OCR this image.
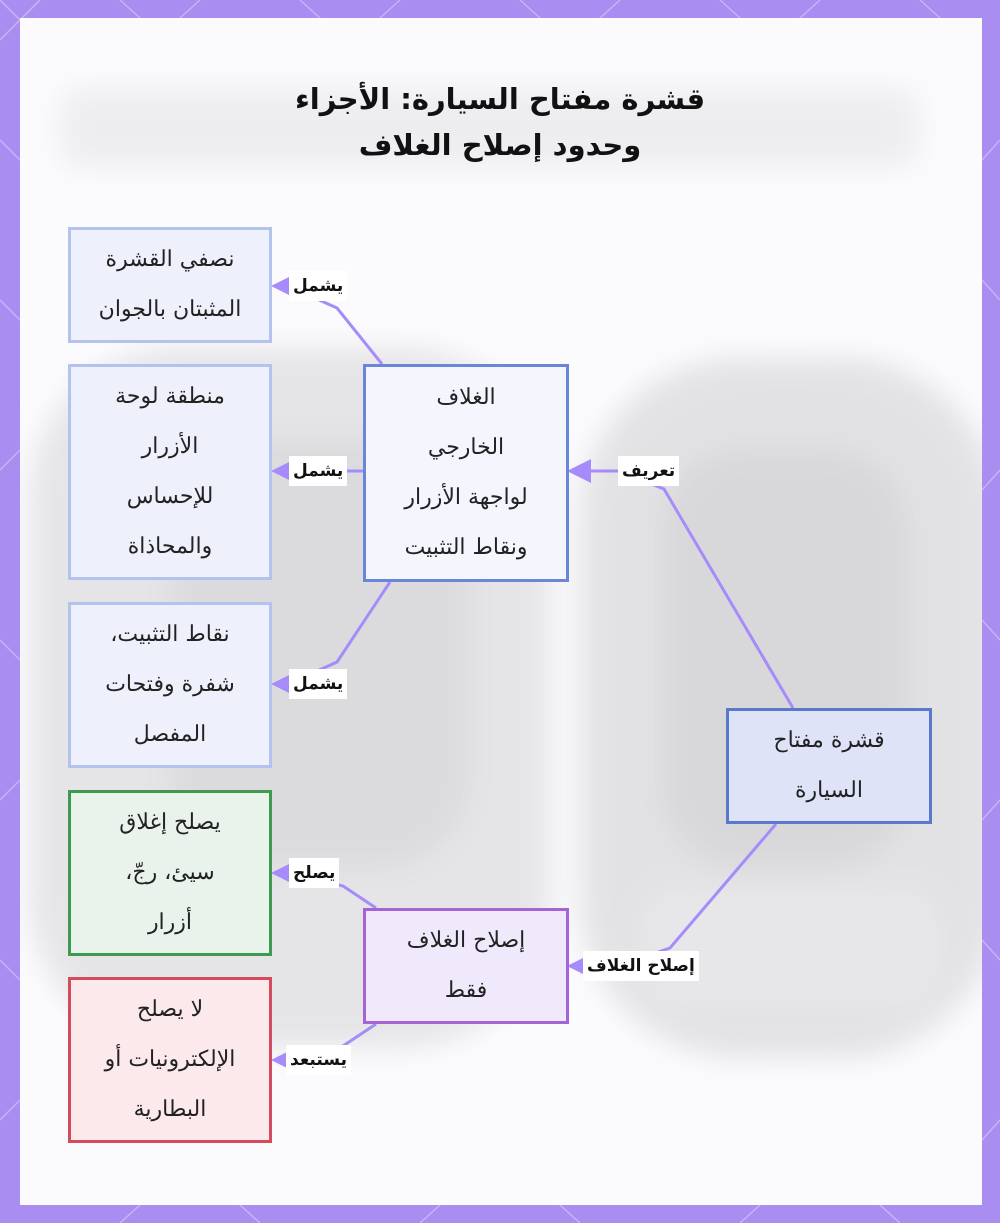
قشرة مفتاح السيارة: الأجزاء
وحدود إصلاح الغلاف
قشرة مفتاح
السيارة
الغلاف
الخارجي
لواجهة الأزرار
ونقاط التثبيت
إصلاح الغلاف
فقط
نصفي القشرة
المثبتان بالجوان
منطقة لوحة
الأزرار
للإحساس
والمحاذاة
نقاط التثبيت،
شفرة وفتحات
المفصل
يصلح إغلاق
سيئ، رجّ،
أزرار
لا يصلح
الإلكترونيات أو
البطارية
تعريف
إصلاح الغلاف
يشمل
يشمل
يشمل
يصلح
يستبعد
